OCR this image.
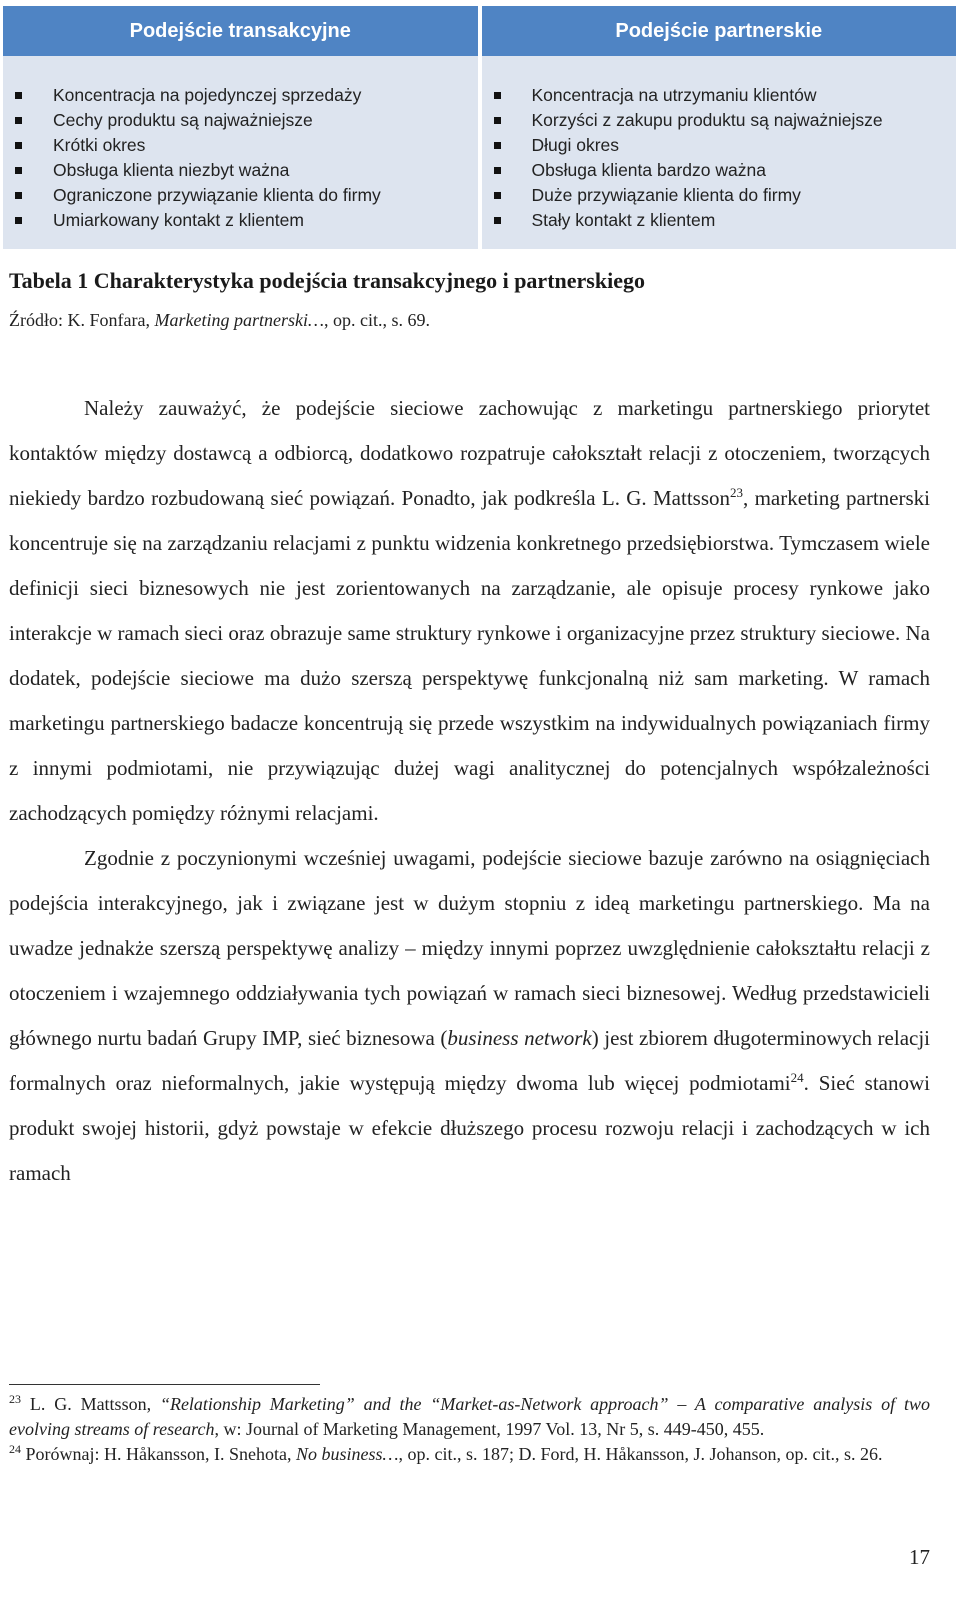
Podejście transakcyjne
Koncentracja na pojedynczej sprzedaży
Cechy produktu są najważniejsze
Krótki okres
Obsługa klienta niezbyt ważna
Ograniczone przywiązanie klienta do firmy
Umiarkowany kontakt z klientem
Podejście partnerskie
Koncentracja na utrzymaniu klientów
Korzyści z zakupu produktu są najważniejsze
Długi okres
Obsługa klienta bardzo ważna
Duże przywiązanie klienta do firmy
Stały kontakt z klientem
Tabela 1 Charakterystyka podejścia transakcyjnego i partnerskiego
Źródło: K. Fonfara, Marketing partnerski…, op. cit., s. 69.

Należy zauważyć, że podejście sieciowe zachowując z marketingu partnerskiego priorytet kontaktów między dostawcą a odbiorcą, dodatkowo rozpatruje całokształt relacji z otoczeniem, tworzących niekiedy bardzo rozbudowaną sieć powiązań. Ponadto, jak podkreśla L. G. Mattsson$^{23}$, marketing partnerski koncentruje się na zarządzaniu relacjami z punktu widzenia konkretnego przedsiębiorstwa. Tymczasem wiele definicji sieci biznesowych nie jest zorientowanych na zarządzanie, ale opisuje procesy rynkowe jako interakcje w ramach sieci oraz obrazuje same struktury rynkowe i organizacyjne przez struktury sieciowe. Na dodatek, podejście sieciowe ma dużo szerszą perspektywę funkcjonalną niż sam marketing. W ramach marketingu partnerskiego badacze koncentrują się przede wszystkim na indywidualnych powiązaniach firmy z innymi podmiotami, nie przywiązując dużej wagi analitycznej do potencjalnych współzależności zachodzących pomiędzy różnymi relacjami.

Zgodnie z poczynionymi wcześniej uwagami, podejście sieciowe bazuje zarówno na osiągnięciach podejścia interakcyjnego, jak i związane jest w dużym stopniu z ideą marketingu partnerskiego. Ma na uwadze jednakże szerszą perspektywę analizy – między innymi poprzez uwzględnienie całokształtu relacji z otoczeniem i wzajemnego oddziaływania tych powiązań w ramach sieci biznesowej. Według przedstawicieli głównego nurtu badań Grupy IMP, sieć biznesowa (business network) jest zbiorem długoterminowych relacji formalnych oraz nieformalnych, jakie występują między dwoma lub więcej podmiotami$^{24}$. Sieć stanowi produkt swojej historii, gdyż powstaje w efekcie dłuższego procesu rozwoju relacji i zachodzących w ich ramach

$^{23}$ L. G. Mattsson, “Relationship Marketing” and the “Market-as-Network approach” – A comparative analysis of two evolving streams of research, w: Journal of Marketing Management, 1997 Vol. 13, Nr 5, s. 449-450, 455.

$^{24}$ Porównaj: H. Håkansson, I. Snehota, No business…, op. cit., s. 187; D. Ford, H. Håkansson, J. Johanson, op. cit., s. 26.

17
